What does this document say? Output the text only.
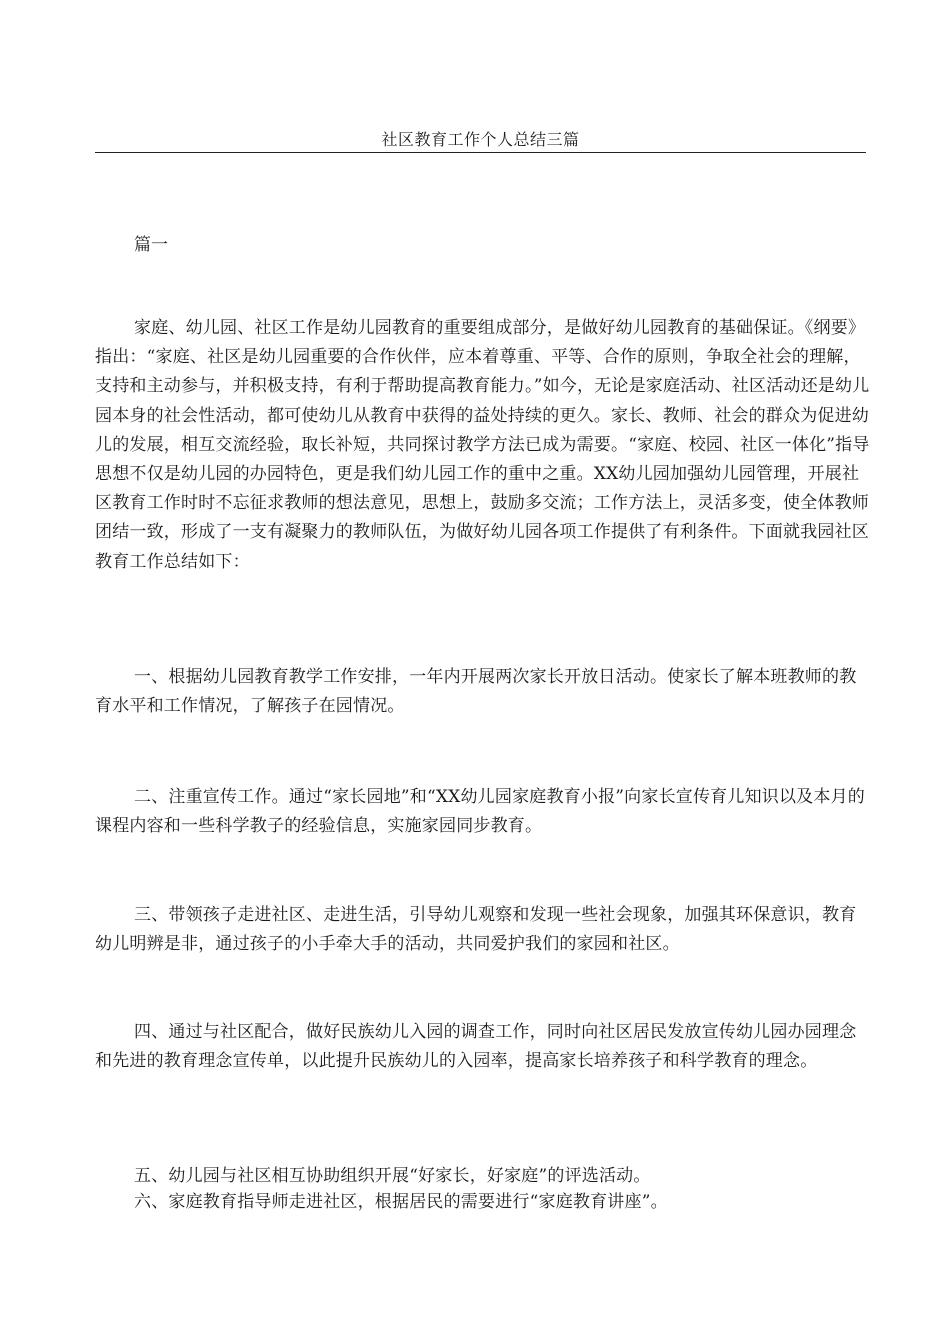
社区教育工作个人总结三篇
篇一

家庭、幼儿园、社区工作是幼儿园教育的重要组成部分，是做好幼儿园教育的基础保证。《纲要》指出：“家庭、社区是幼儿园重要的合作伙伴，应本着尊重、平等、合作的原则，争取全社会的理解，支持和主动参与，并积极支持，有利于帮助提高教育能力。”如今，无论是家庭活动、社区活动还是幼儿园本身的社会性活动，都可使幼儿从教育中获得的益处持续的更久。家长、教师、社会的群众为促进幼儿的发展，相互交流经验，取长补短，共同探讨教学方法已成为需要。“家庭、校园、社区一体化”指导思想不仅是幼儿园的办园特色，更是我们幼儿园工作的重中之重。XX幼儿园加强幼儿园管理，开展社区教育工作时时不忘征求教师的想法意见，思想上，鼓励多交流；工作方法上，灵活多变，使全体教师团结一致，形成了一支有凝聚力的教师队伍，为做好幼儿园各项工作提供了有利条件。下面就我园社区教育工作总结如下：

一、根据幼儿园教育教学工作安排，一年内开展两次家长开放日活动。使家长了解本班教师的教育水平和工作情况，了解孩子在园情况。

二、注重宣传工作。通过“家长园地”和“XX幼儿园家庭教育小报”向家长宣传育儿知识以及本月的课程内容和一些科学教子的经验信息，实施家园同步教育。

三、带领孩子走进社区、走进生活，引导幼儿观察和发现一些社会现象，加强其环保意识，教育幼儿明辨是非，通过孩子的小手牵大手的活动，共同爱护我们的家园和社区。

四、通过与社区配合，做好民族幼儿入园的调查工作，同时向社区居民发放宣传幼儿园办园理念和先进的教育理念宣传单，以此提升民族幼儿的入园率，提高家长培养孩子和科学教育的理念。

五、幼儿园与社区相互协助组织开展“好家长，好家庭”的评选活动。

六、家庭教育指导师走进社区，根据居民的需要进行“家庭教育讲座”。
